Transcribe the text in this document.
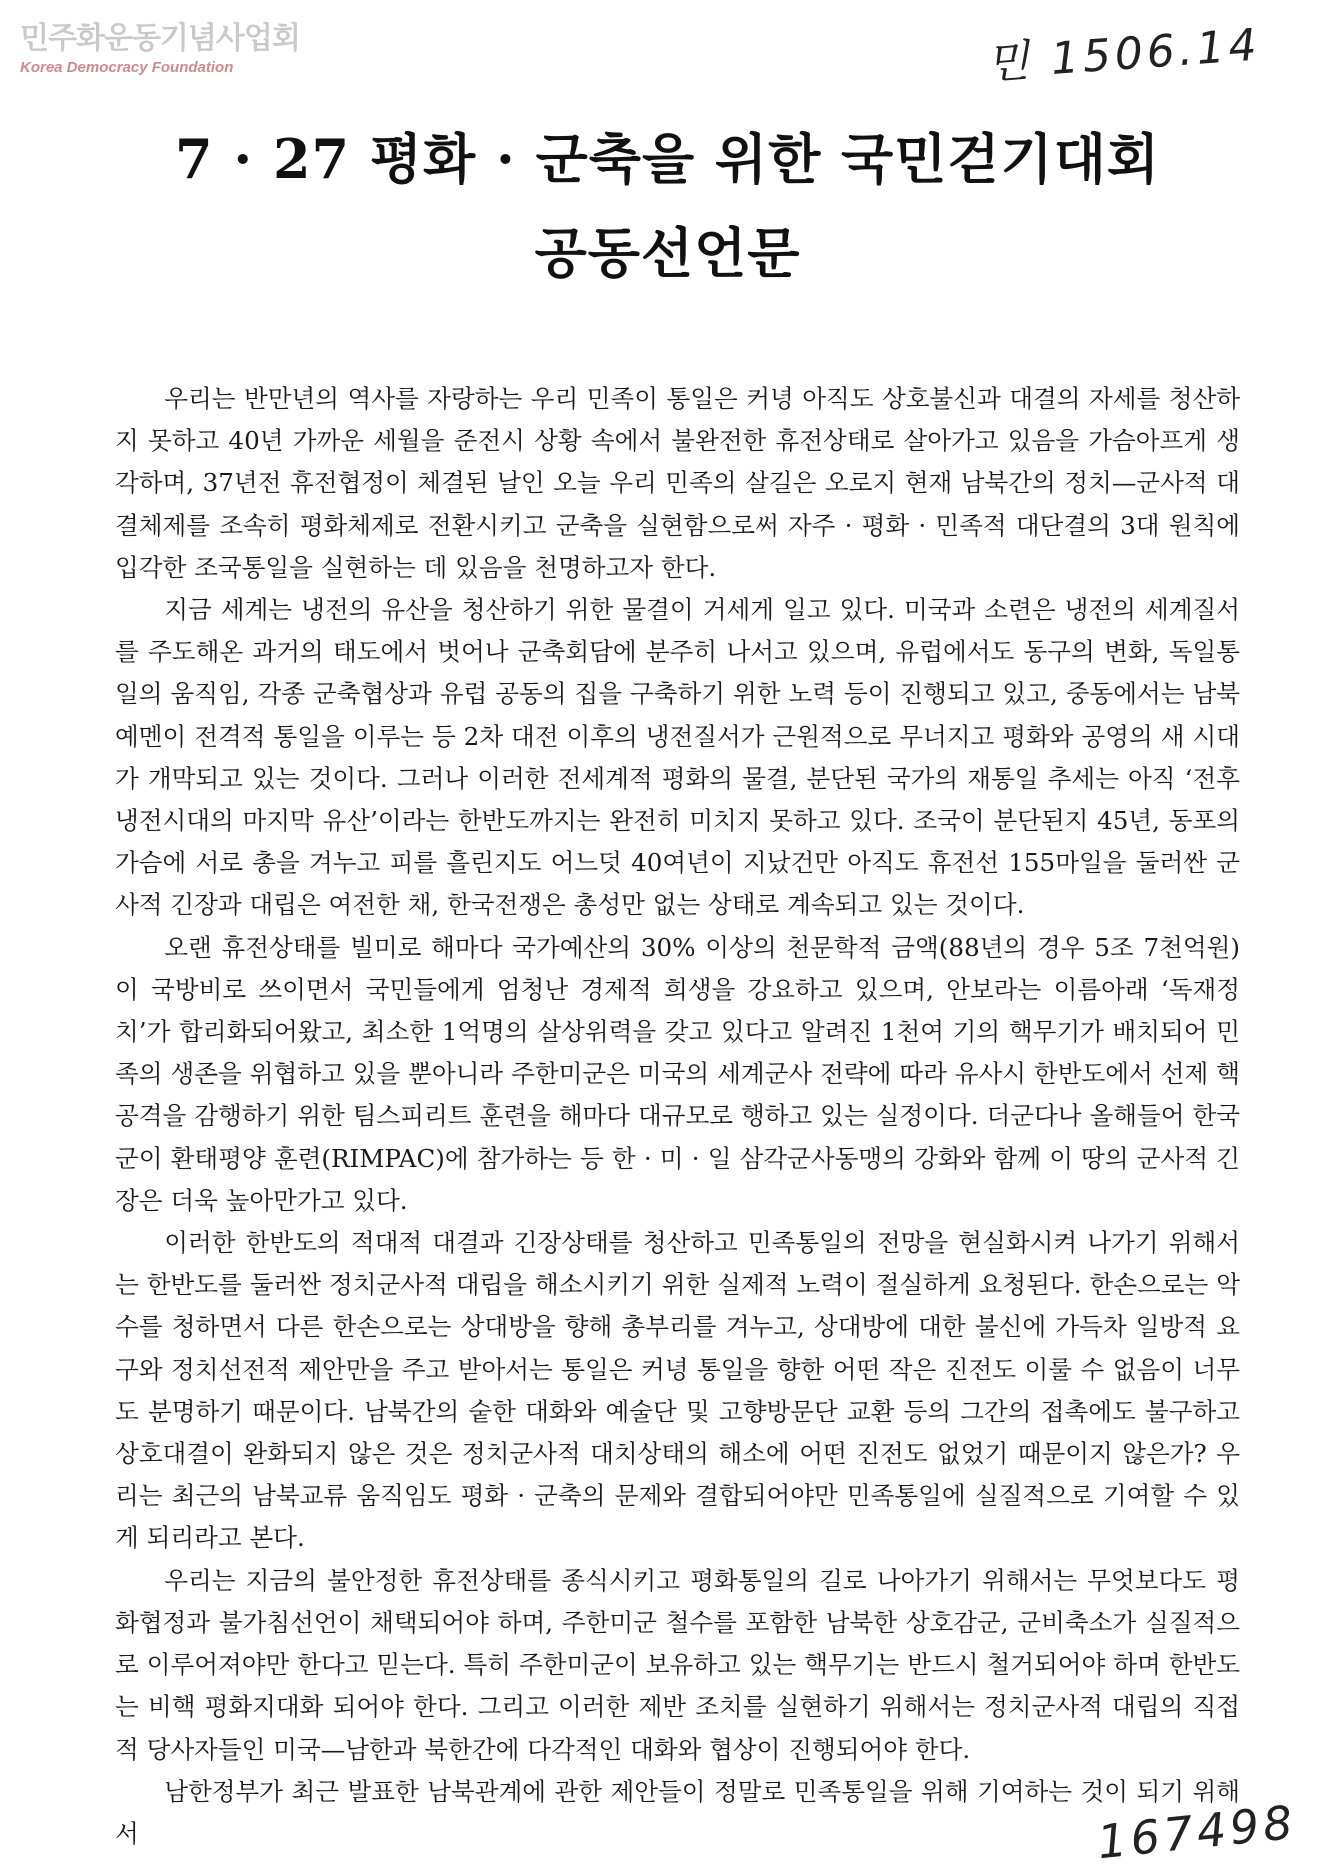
민주화운동기념사업회
Korea Democracy Foundation	민 1506.14
7 · 27 평화 · 군축을 위한 국민걷기대회
공동선언문

우리는 반만년의 역사를 자랑하는 우리 민족이 통일은 커녕 아직도 상호불신과 대결의 자세를 청산하지 못하고 40년 가까운 세월을 준전시 상황 속에서 불완전한 휴전상태로 살아가고 있음을 가슴아프게 생각하며, 37년전 휴전협정이 체결된 날인 오늘 우리 민족의 살길은 오로지 현재 남북간의 정치—군사적 대결체제를 조속히 평화체제로 전환시키고 군축을 실현함으로써 자주 · 평화 · 민족적 대단결의 3대 원칙에 입각한 조국통일을 실현하는 데 있음을 천명하고자 한다.

지금 세계는 냉전의 유산을 청산하기 위한 물결이 거세게 일고 있다. 미국과 소련은 냉전의 세계질서를 주도해온 과거의 태도에서 벗어나 군축회담에 분주히 나서고 있으며, 유럽에서도 동구의 변화, 독일통일의 움직임, 각종 군축협상과 유럽 공동의 집을 구축하기 위한 노력 등이 진행되고 있고, 중동에서는 남북예멘이 전격적 통일을 이루는 등 2차 대전 이후의 냉전질서가 근원적으로 무너지고 평화와 공영의 새 시대가 개막되고 있는 것이다. 그러나 이러한 전세계적 평화의 물결, 분단된 국가의 재통일 추세는 아직 ‘전후 냉전시대의 마지막 유산’이라는 한반도까지는 완전히 미치지 못하고 있다. 조국이 분단된지 45년, 동포의 가슴에 서로 총을 겨누고 피를 흘린지도 어느덧 40여년이 지났건만 아직도 휴전선 155마일을 둘러싼 군사적 긴장과 대립은 여전한 채, 한국전쟁은 총성만 없는 상태로 계속되고 있는 것이다.

오랜 휴전상태를 빌미로 해마다 국가예산의 30% 이상의 천문학적 금액(88년의 경우 5조 7천억원)이 국방비로 쓰이면서 국민들에게 엄청난 경제적 희생을 강요하고 있으며, 안보라는 이름아래 ‘독재정치’가 합리화되어왔고, 최소한 1억명의 살상위력을 갖고 있다고 알려진 1천여 기의 핵무기가 배치되어 민족의 생존을 위협하고 있을 뿐아니라 주한미군은 미국의 세계군사 전략에 따라 유사시 한반도에서 선제 핵공격을 감행하기 위한 팀스피리트 훈련을 해마다 대규모로 행하고 있는 실정이다. 더군다나 올해들어 한국군이 환태평양 훈련(RIMPAC)에 참가하는 등 한 · 미 · 일 삼각군사동맹의 강화와 함께 이 땅의 군사적 긴장은 더욱 높아만가고 있다.

이러한 한반도의 적대적 대결과 긴장상태를 청산하고 민족통일의 전망을 현실화시켜 나가기 위해서는 한반도를 둘러싼 정치군사적 대립을 해소시키기 위한 실제적 노력이 절실하게 요청된다. 한손으로는 악수를 청하면서 다른 한손으로는 상대방을 향해 총부리를 겨누고, 상대방에 대한 불신에 가득차 일방적 요구와 정치선전적 제안만을 주고 받아서는 통일은 커녕 통일을 향한 어떤 작은 진전도 이룰 수 없음이 너무도 분명하기 때문이다. 남북간의 숱한 대화와 예술단 및 고향방문단 교환 등의 그간의 접촉에도 불구하고 상호대결이 완화되지 않은 것은 정치군사적 대치상태의 해소에 어떤 진전도 없었기 때문이지 않은가? 우리는 최근의 남북교류 움직임도 평화 · 군축의 문제와 결합되어야만 민족통일에 실질적으로 기여할 수 있게 되리라고 본다.

우리는 지금의 불안정한 휴전상태를 종식시키고 평화통일의 길로 나아가기 위해서는 무엇보다도 평화협정과 불가침선언이 채택되어야 하며, 주한미군 철수를 포함한 남북한 상호감군, 군비축소가 실질적으로 이루어져야만 한다고 믿는다. 특히 주한미군이 보유하고 있는 핵무기는 반드시 철거되어야 하며 한반도는 비핵 평화지대화 되어야 한다. 그리고 이러한 제반 조치를 실현하기 위해서는 정치군사적 대립의 직접적 당사자들인 미국—남한과 북한간에 다각적인 대화와 협상이 진행되어야 한다.

남한정부가 최근 발표한 남북관계에 관한 제안들이 정말로 민족통일을 위해 기여하는 것이 되기 위해서	167498
